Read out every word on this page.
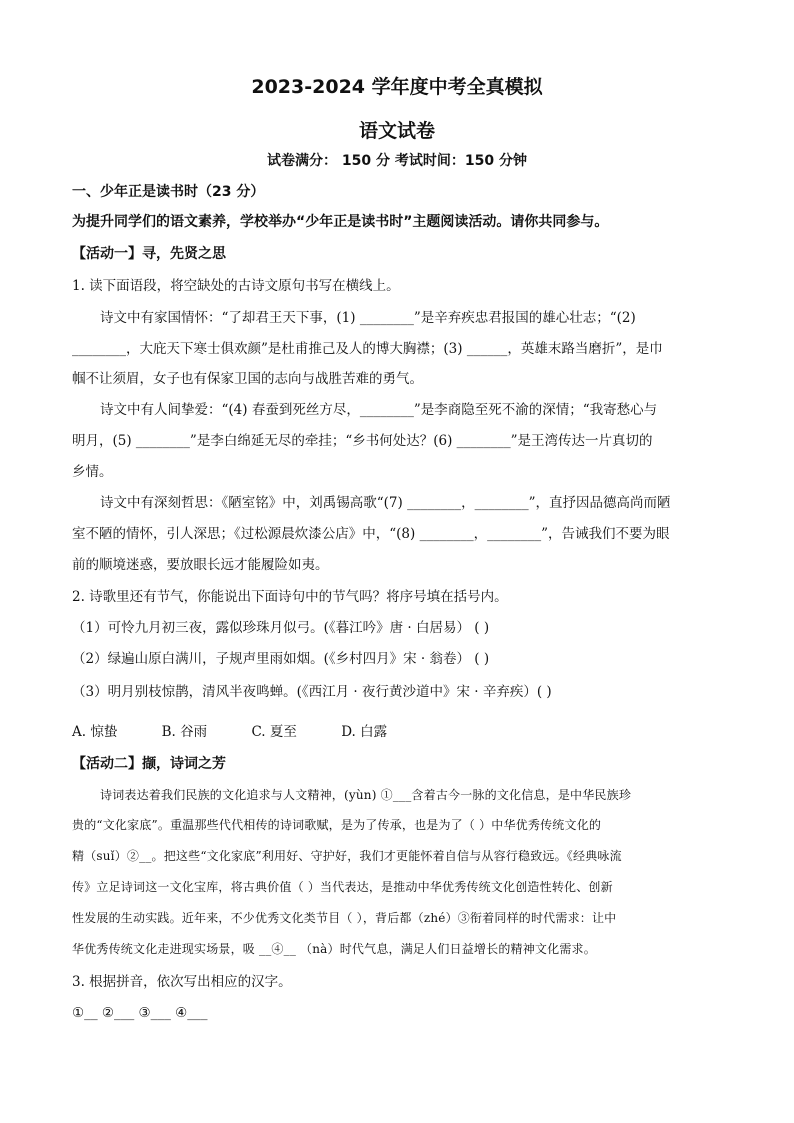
2023-2024 学年度中考全真模拟
语文试卷
试卷满分： 150 分 考试时间：150 分钟
一、少年正是读书时（23 分）
为提升同学们的语文素养，学校举办“少年正是读书时”主题阅读活动。请你共同参与。
【活动一】寻，先贤之思
1. 读下面语段，将空缺处的古诗文原句书写在横线上。
诗文中有家国情怀：“了却君王天下事，(1) ________”是辛弃疾忠君报国的雄心壮志；“(2)
________，大庇天下寒士俱欢颜”是杜甫推己及人的博大胸襟；(3) ______，英雄末路当磨折”，是巾
帼不让须眉，女子也有保家卫国的志向与战胜苦难的勇气。
诗文中有人间挚爱：“(4) 春蚕到死丝方尽，________”是李商隐至死不渝的深情；“我寄愁心与
明月，(5) ________”是李白绵延无尽的牵挂；“乡书何处达？(6) ________”是王湾传达一片真切的
乡情。
诗文中有深刻哲思：《陋室铭》中，刘禹锡高歌“(7) ________，________”，直抒因品德高尚而陋
室不陋的情怀，引人深思；《过松源晨炊漆公店》中，“(8) ________，________”，告诫我们不要为眼
前的顺境迷惑，要放眼长远才能履险如夷。
2. 诗歌里还有节气，你能说出下面诗句中的节气吗？将序号填在括号内。
（1）可怜九月初三夜，露似珍珠月似弓。(《暮江吟》唐 · 白居易） ( )
（2）绿遍山原白满川，子规声里雨如烟。(《乡村四月》宋 · 翁卷） ( )
（3）明月别枝惊鹊，清风半夜鸣蝉。(《西江月 · 夜行黄沙道中》宋 · 辛弃疾）( )
A. 惊蛰	B. 谷雨	C. 夏至	D. 白露
【活动二】撷，诗词之芳
诗词表达着我们民族的文化追求与人文精神，(yùn) ①___含着古今一脉的文化信息，是中华民族珍
贵的“文化家底”。重温那些代代相传的诗词歌赋，是为了传承，也是为了（ ）中华优秀传统文化的
精（suǐ）②__。把这些“文化家底”利用好、守护好，我们才更能怀着自信与从容行稳致远。《经典咏流
传》立足诗词这一文化宝库，将古典价值（ ）当代表达，是推动中华优秀传统文化创造性转化、创新
性发展的生动实践。近年来，不少优秀文化类节目（ ），背后都（zhé）③衔着同样的时代需求：让中
华优秀传统文化走进现实场景，吸 __④__ （nà）时代气息，满足人们日益增长的精神文化需求。
3. 根据拼音，依次写出相应的汉字。
①__ ②___ ③___ ④___
